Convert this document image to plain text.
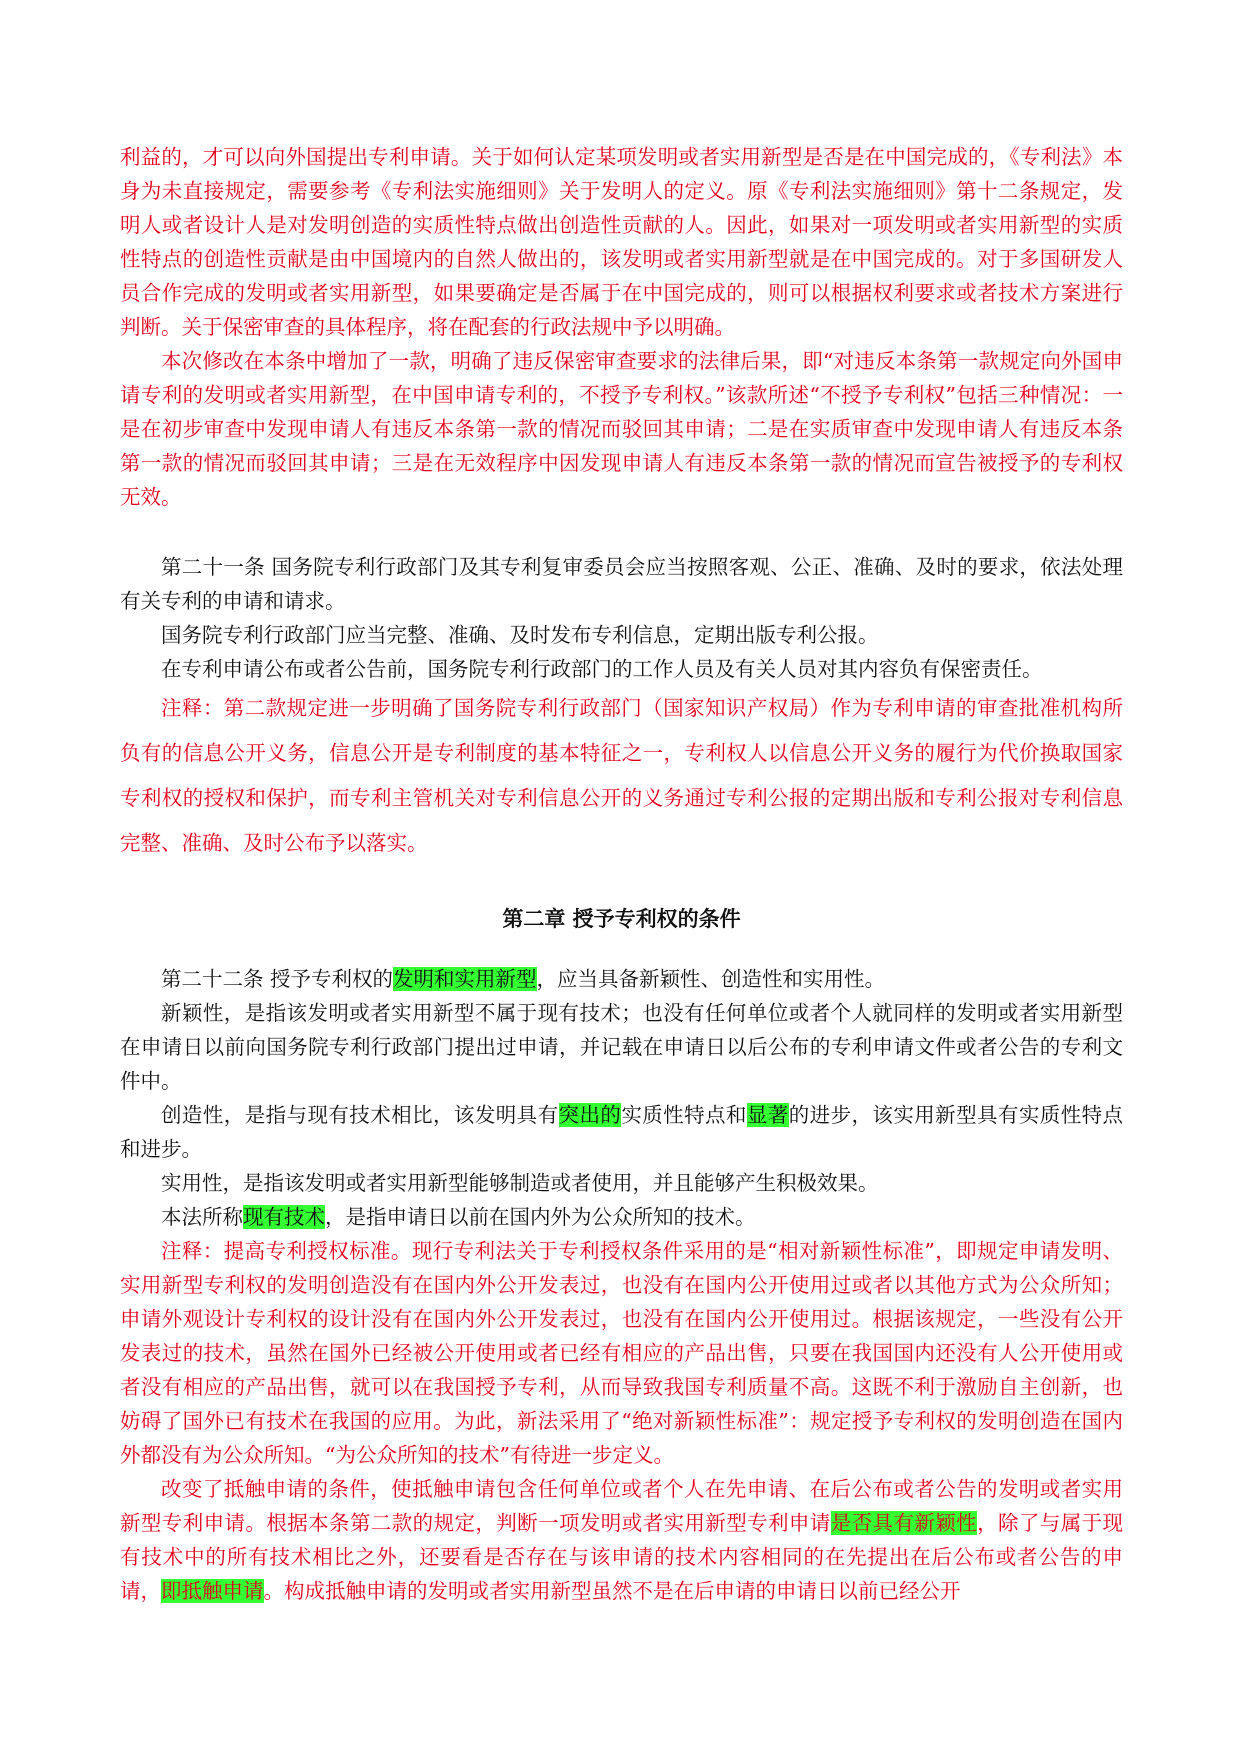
利益的，才可以向外国提出专利申请。关于如何认定某项发明或者实用新型是否是在中国完成的，《专利法》本身为未直接规定，需要参考《专利法实施细则》关于发明人的定义。原《专利法实施细则》第十二条规定，发明人或者设计人是对发明创造的实质性特点做出创造性贡献的人。因此，如果对一项发明或者实用新型的实质性特点的创造性贡献是由中国境内的自然人做出的，该发明或者实用新型就是在中国完成的。对于多国研发人员合作完成的发明或者实用新型，如果要确定是否属于在中国完成的，则可以根据权利要求或者技术方案进行判断。关于保密审查的具体程序，将在配套的行政法规中予以明确。

本次修改在本条中增加了一款，明确了违反保密审查要求的法律后果，即“对违反本条第一款规定向外国申请专利的发明或者实用新型，在中国申请专利的，不授予专利权。”该款所述“不授予专利权”包括三种情况：一是在初步审查中发现申请人有违反本条第一款的情况而驳回其申请；二是在实质审查中发现申请人有违反本条第一款的情况而驳回其申请；三是在无效程序中因发现申请人有违反本条第一款的情况而宣告被授予的专利权无效。

第二十一条 国务院专利行政部门及其专利复审委员会应当按照客观、公正、准确、及时的要求，依法处理有关专利的申请和请求。

国务院专利行政部门应当完整、准确、及时发布专利信息，定期出版专利公报。

在专利申请公布或者公告前，国务院专利行政部门的工作人员及有关人员对其内容负有保密责任。

注释：第二款规定进一步明确了国务院专利行政部门（国家知识产权局）作为专利申请的审查批准机构所负有的信息公开义务，信息公开是专利制度的基本特征之一，专利权人以信息公开义务的履行为代价换取国家专利权的授权和保护，而专利主管机关对专利信息公开的义务通过专利公报的定期出版和专利公报对专利信息完整、准确、及时公布予以落实。

第二章 授予专利权的条件

第二十二条 授予专利权的发明和实用新型，应当具备新颖性、创造性和实用性。

新颖性，是指该发明或者实用新型不属于现有技术；也没有任何单位或者个人就同样的发明或者实用新型在申请日以前向国务院专利行政部门提出过申请，并记载在申请日以后公布的专利申请文件或者公告的专利文件中。

创造性，是指与现有技术相比，该发明具有突出的实质性特点和显著的进步，该实用新型具有实质性特点和进步。

实用性，是指该发明或者实用新型能够制造或者使用，并且能够产生积极效果。

本法所称现有技术，是指申请日以前在国内外为公众所知的技术。

注释：提高专利授权标准。现行专利法关于专利授权条件采用的是“相对新颖性标准”，即规定申请发明、实用新型专利权的发明创造没有在国内外公开发表过，也没有在国内公开使用过或者以其他方式为公众所知；申请外观设计专利权的设计没有在国内外公开发表过，也没有在国内公开使用过。根据该规定，一些没有公开发表过的技术，虽然在国外已经被公开使用或者已经有相应的产品出售，只要在我国国内还没有人公开使用或者没有相应的产品出售，就可以在我国授予专利，从而导致我国专利质量不高。这既不利于激励自主创新，也妨碍了国外已有技术在我国的应用。为此，新法采用了“绝对新颖性标准”：规定授予专利权的发明创造在国内外都没有为公众所知。“为公众所知的技术”有待进一步定义。

改变了抵触申请的条件，使抵触申请包含任何单位或者个人在先申请、在后公布或者公告的发明或者实用新型专利申请。根据本条第二款的规定，判断一项发明或者实用新型专利申请是否具有新颖性，除了与属于现有技术中的所有技术相比之外，还要看是否存在与该申请的技术内容相同的在先提出在后公布或者公告的申请，即抵触申请。构成抵触申请的发明或者实用新型虽然不是在后申请的申请日以前已经公开
